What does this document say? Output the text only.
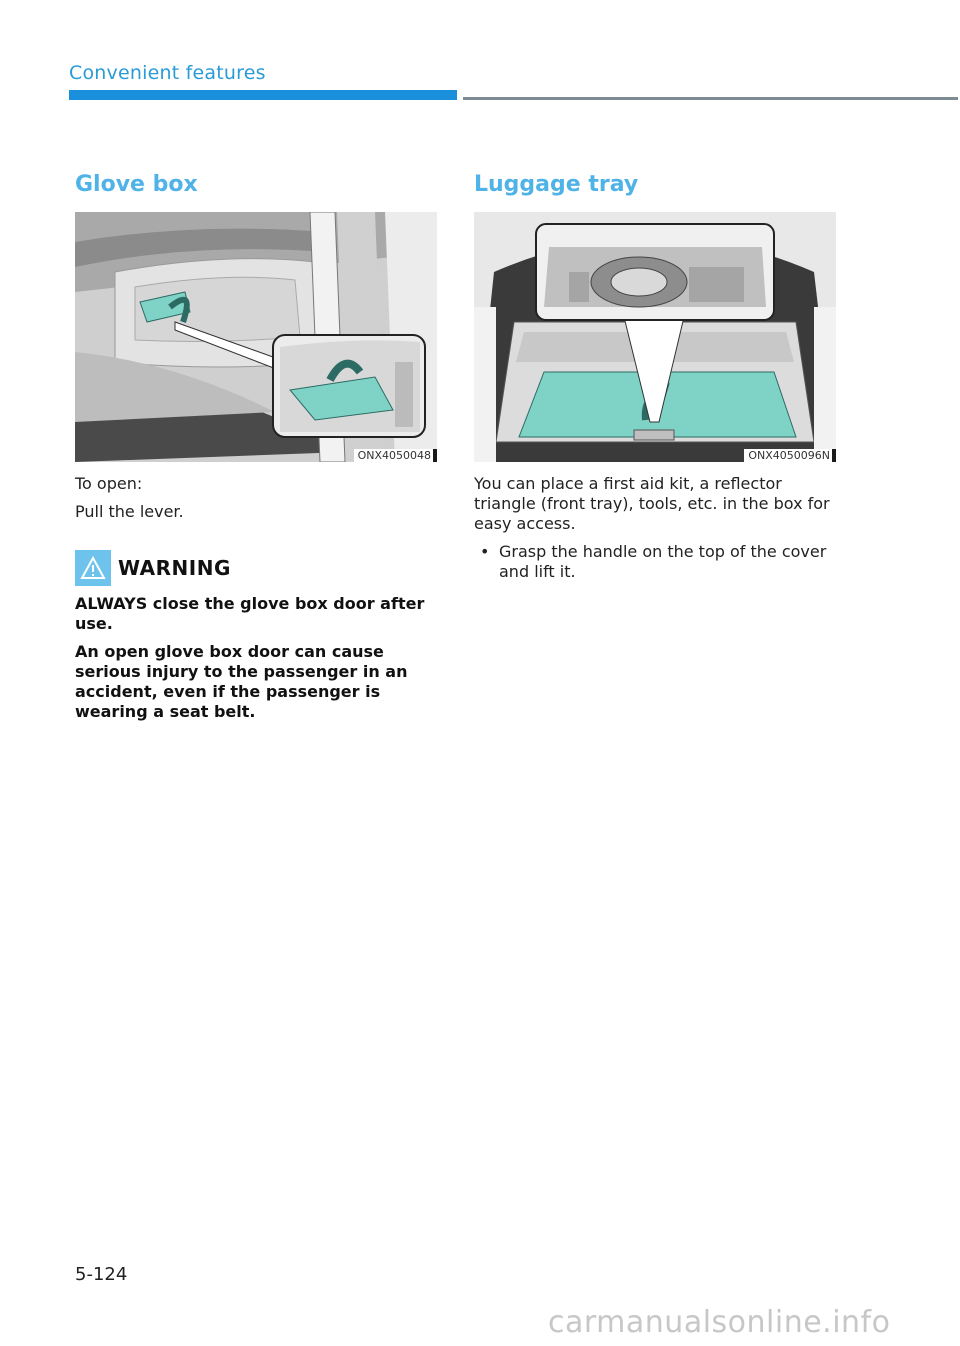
Convenient features
Glove box
ONX4050048

To open:

Pull the lever.

WARNING

ALWAYS close the glove box door after use.

An open glove box door can cause serious injury to the passenger in an accident, even if the passenger is wearing a seat belt.

Luggage tray
ONX4050096N

You can place a first aid kit, a reflector triangle (front tray), tools, etc. in the box for easy access.

• Grasp the handle on the top of the cover and lift it.
5-124
carmanualsonline.info
